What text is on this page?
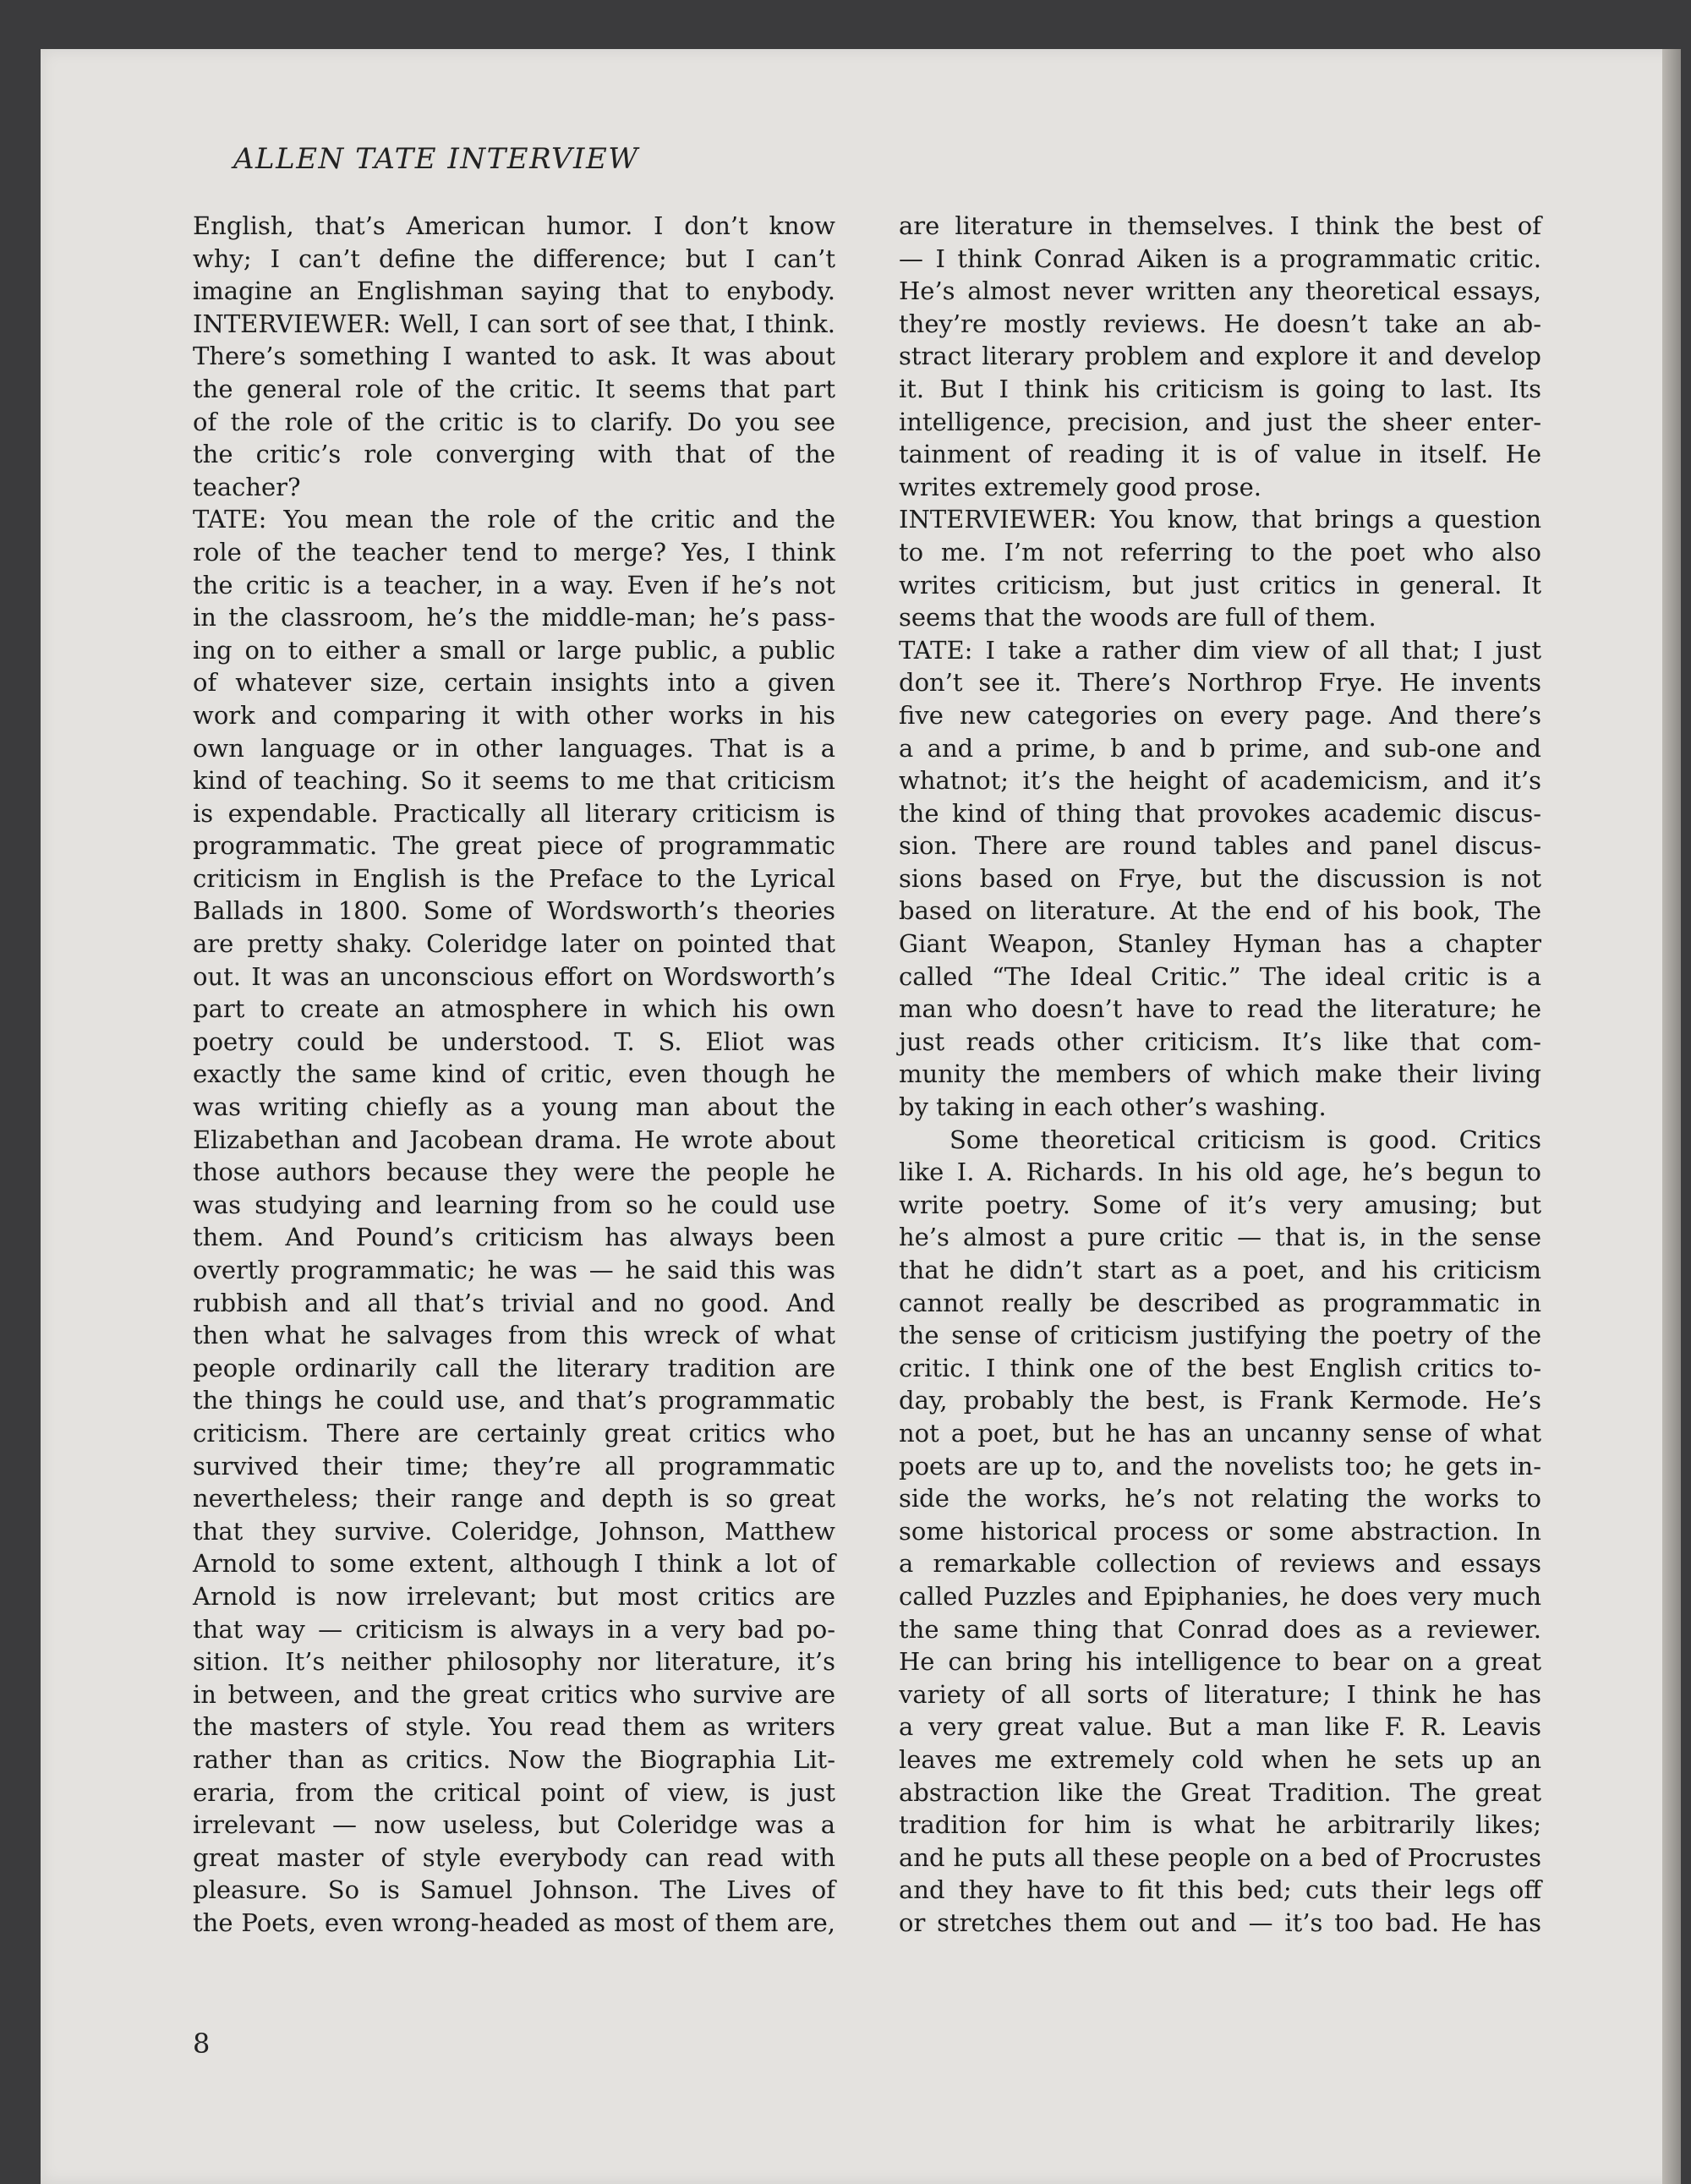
ALLEN TATE INTERVIEW
English, that’s American humor. I don’t know
why; I can’t define the difference; but I can’t
imagine an Englishman saying that to enybody.
INTERVIEWER: Well, I can sort of see that, I think.
There’s something I wanted to ask. It was about
the general role of the critic. It seems that part
of the role of the critic is to clarify. Do you see
the critic’s role converging with that of the
teacher?
TATE: You mean the role of the critic and the
role of the teacher tend to merge? Yes, I think
the critic is a teacher, in a way. Even if he’s not
in the classroom, he’s the middle-man; he’s pass-
ing on to either a small or large public, a public
of whatever size, certain insights into a given
work and comparing it with other works in his
own language or in other languages. That is a
kind of teaching. So it seems to me that criticism
is expendable. Practically all literary criticism is
programmatic. The great piece of programmatic
criticism in English is the Preface to the Lyrical
Ballads in 1800. Some of Wordsworth’s theories
are pretty shaky. Coleridge later on pointed that
out. It was an unconscious effort on Wordsworth’s
part to create an atmosphere in which his own
poetry could be understood. T. S. Eliot was
exactly the same kind of critic, even though he
was writing chiefly as a young man about the
Elizabethan and Jacobean drama. He wrote about
those authors because they were the people he
was studying and learning from so he could use
them. And Pound’s criticism has always been
overtly programmatic; he was — he said this was
rubbish and all that’s trivial and no good. And
then what he salvages from this wreck of what
people ordinarily call the literary tradition are
the things he could use, and that’s programmatic
criticism. There are certainly great critics who
survived their time; they’re all programmatic
nevertheless; their range and depth is so great
that they survive. Coleridge, Johnson, Matthew
Arnold to some extent, although I think a lot of
Arnold is now irrelevant; but most critics are
that way — criticism is always in a very bad po-
sition. It’s neither philosophy nor literature, it’s
in between, and the great critics who survive are
the masters of style. You read them as writers
rather than as critics. Now the Biographia Lit-
eraria, from the critical point of view, is just
irrelevant — now useless, but Coleridge was a
great master of style everybody can read with
pleasure. So is Samuel Johnson. The Lives of
the Poets, even wrong-headed as most of them are,
are literature in themselves. I think the best of
— I think Conrad Aiken is a programmatic critic.
He’s almost never written any theoretical essays,
they’re mostly reviews. He doesn’t take an ab-
stract literary problem and explore it and develop
it. But I think his criticism is going to last. Its
intelligence, precision, and just the sheer enter-
tainment of reading it is of value in itself. He
writes extremely good prose.
INTERVIEWER: You know, that brings a question
to me. I’m not referring to the poet who also
writes criticism, but just critics in general. It
seems that the woods are full of them.
TATE: I take a rather dim view of all that; I just
don’t see it. There’s Northrop Frye. He invents
five new categories on every page. And there’s
a and a prime, b and b prime, and sub-one and
whatnot; it’s the height of academicism, and it’s
the kind of thing that provokes academic discus-
sion. There are round tables and panel discus-
sions based on Frye, but the discussion is not
based on literature. At the end of his book, The
Giant Weapon, Stanley Hyman has a chapter
called “The Ideal Critic.” The ideal critic is a
man who doesn’t have to read the literature; he
just reads other criticism. It’s like that com-
munity the members of which make their living
by taking in each other’s washing.
Some theoretical criticism is good. Critics
like I. A. Richards. In his old age, he’s begun to
write poetry. Some of it’s very amusing; but
he’s almost a pure critic — that is, in the sense
that he didn’t start as a poet, and his criticism
cannot really be described as programmatic in
the sense of criticism justifying the poetry of the
critic. I think one of the best English critics to-
day, probably the best, is Frank Kermode. He’s
not a poet, but he has an uncanny sense of what
poets are up to, and the novelists too; he gets in-
side the works, he’s not relating the works to
some historical process or some abstraction. In
a remarkable collection of reviews and essays
called Puzzles and Epiphanies, he does very much
the same thing that Conrad does as a reviewer.
He can bring his intelligence to bear on a great
variety of all sorts of literature; I think he has
a very great value. But a man like F. R. Leavis
leaves me extremely cold when he sets up an
abstraction like the Great Tradition. The great
tradition for him is what he arbitrarily likes;
and he puts all these people on a bed of Procrustes
and they have to fit this bed; cuts their legs off
or stretches them out and — it’s too bad. He has
8
